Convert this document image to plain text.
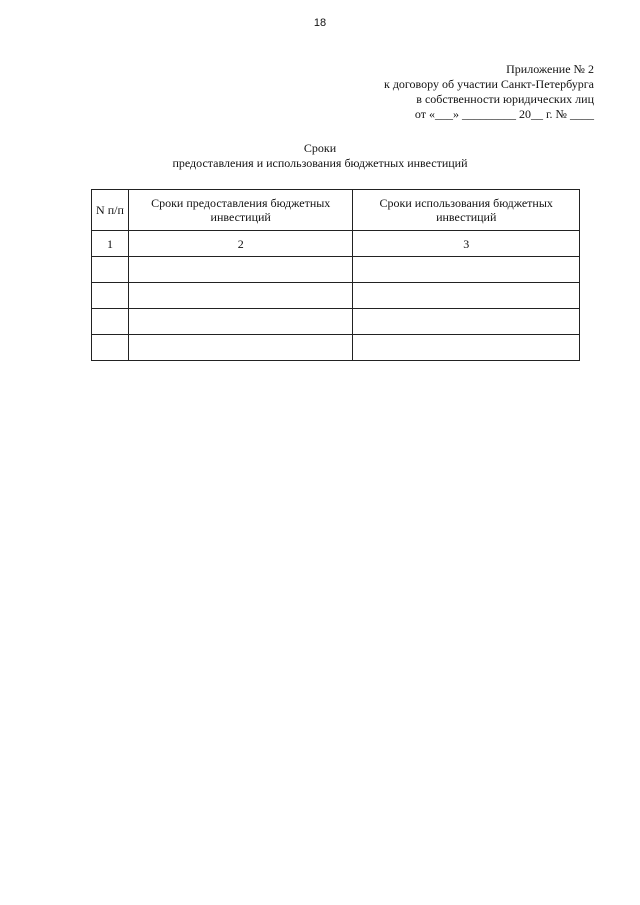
18
Приложение № 2
к договору об участии Санкт-Петербурга
в собственности юридических лиц
от «___» _________ 20__ г. № ____
Сроки
предоставления и использования бюджетных инвестиций
N п/п	Сроки предоставления бюджетных инвестиций	Сроки использования бюджетных инвестиций
1	2	3
